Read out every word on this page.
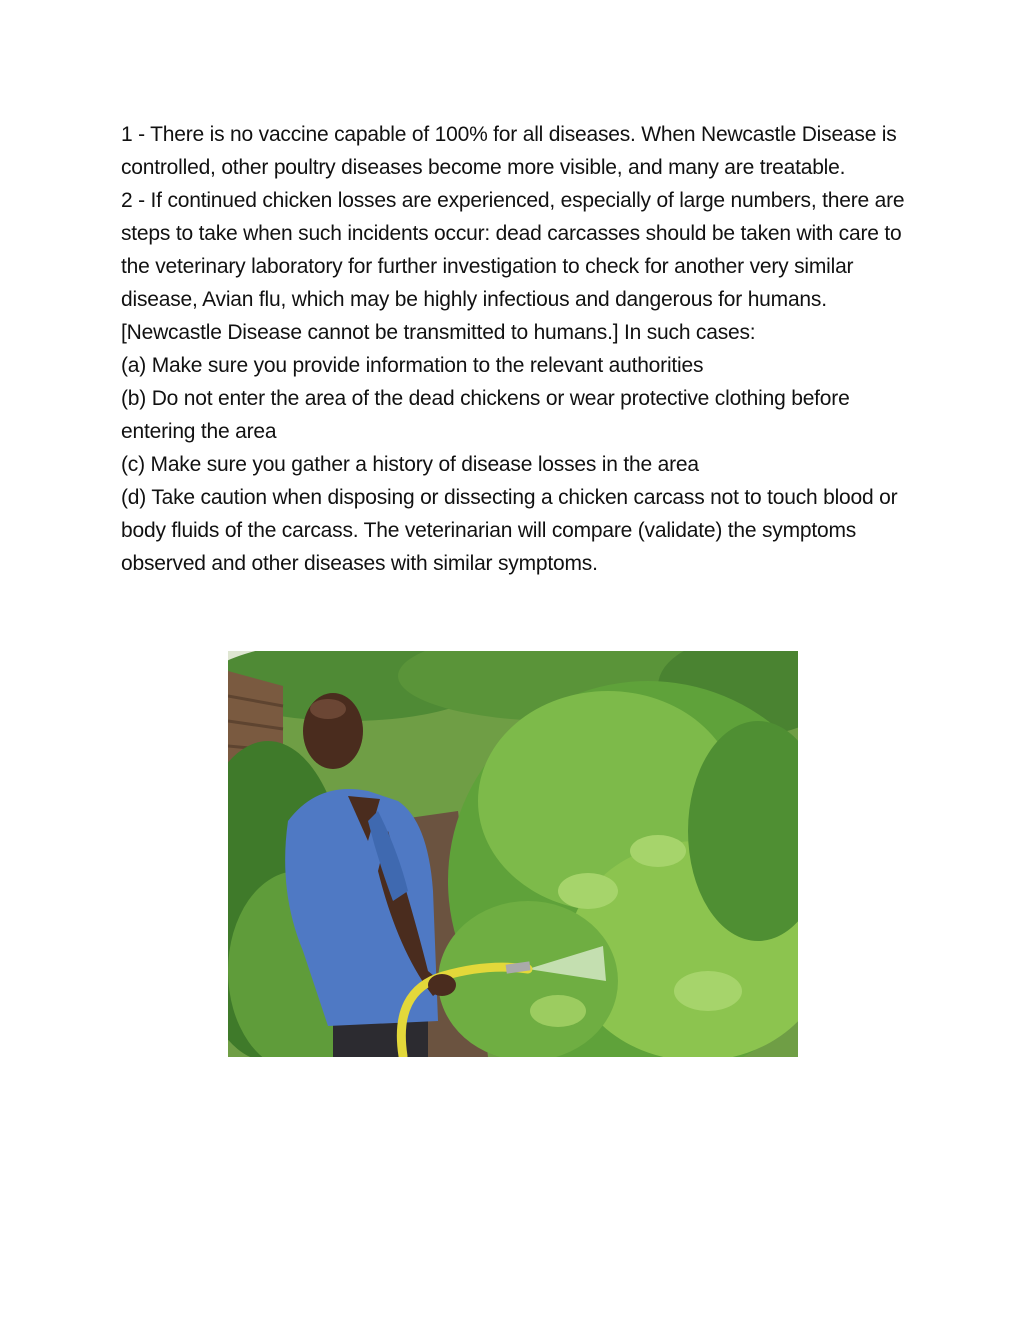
1 - There is no vaccine capable of 100% for all diseases. When Newcastle Disease is controlled, other poultry diseases become more visible, and many are treatable.

2 - If continued chicken losses are experienced, especially of large numbers, there are steps to take when such incidents occur: dead carcasses should be taken with care to the veterinary laboratory for further investigation to check for another very similar disease, Avian flu, which may be highly infectious and dangerous for humans. [Newcastle Disease cannot be transmitted to humans.] In such cases:

(a) Make sure you provide information to the relevant authorities

(b) Do not enter the area of the dead chickens or wear protective clothing before entering the area

(c) Make sure you gather a history of disease losses in the area

(d) Take caution when disposing or dissecting a chicken carcass not to touch blood or body fluids of the carcass. The veterinarian will compare (validate) the symptoms observed and other diseases with similar symptoms.
